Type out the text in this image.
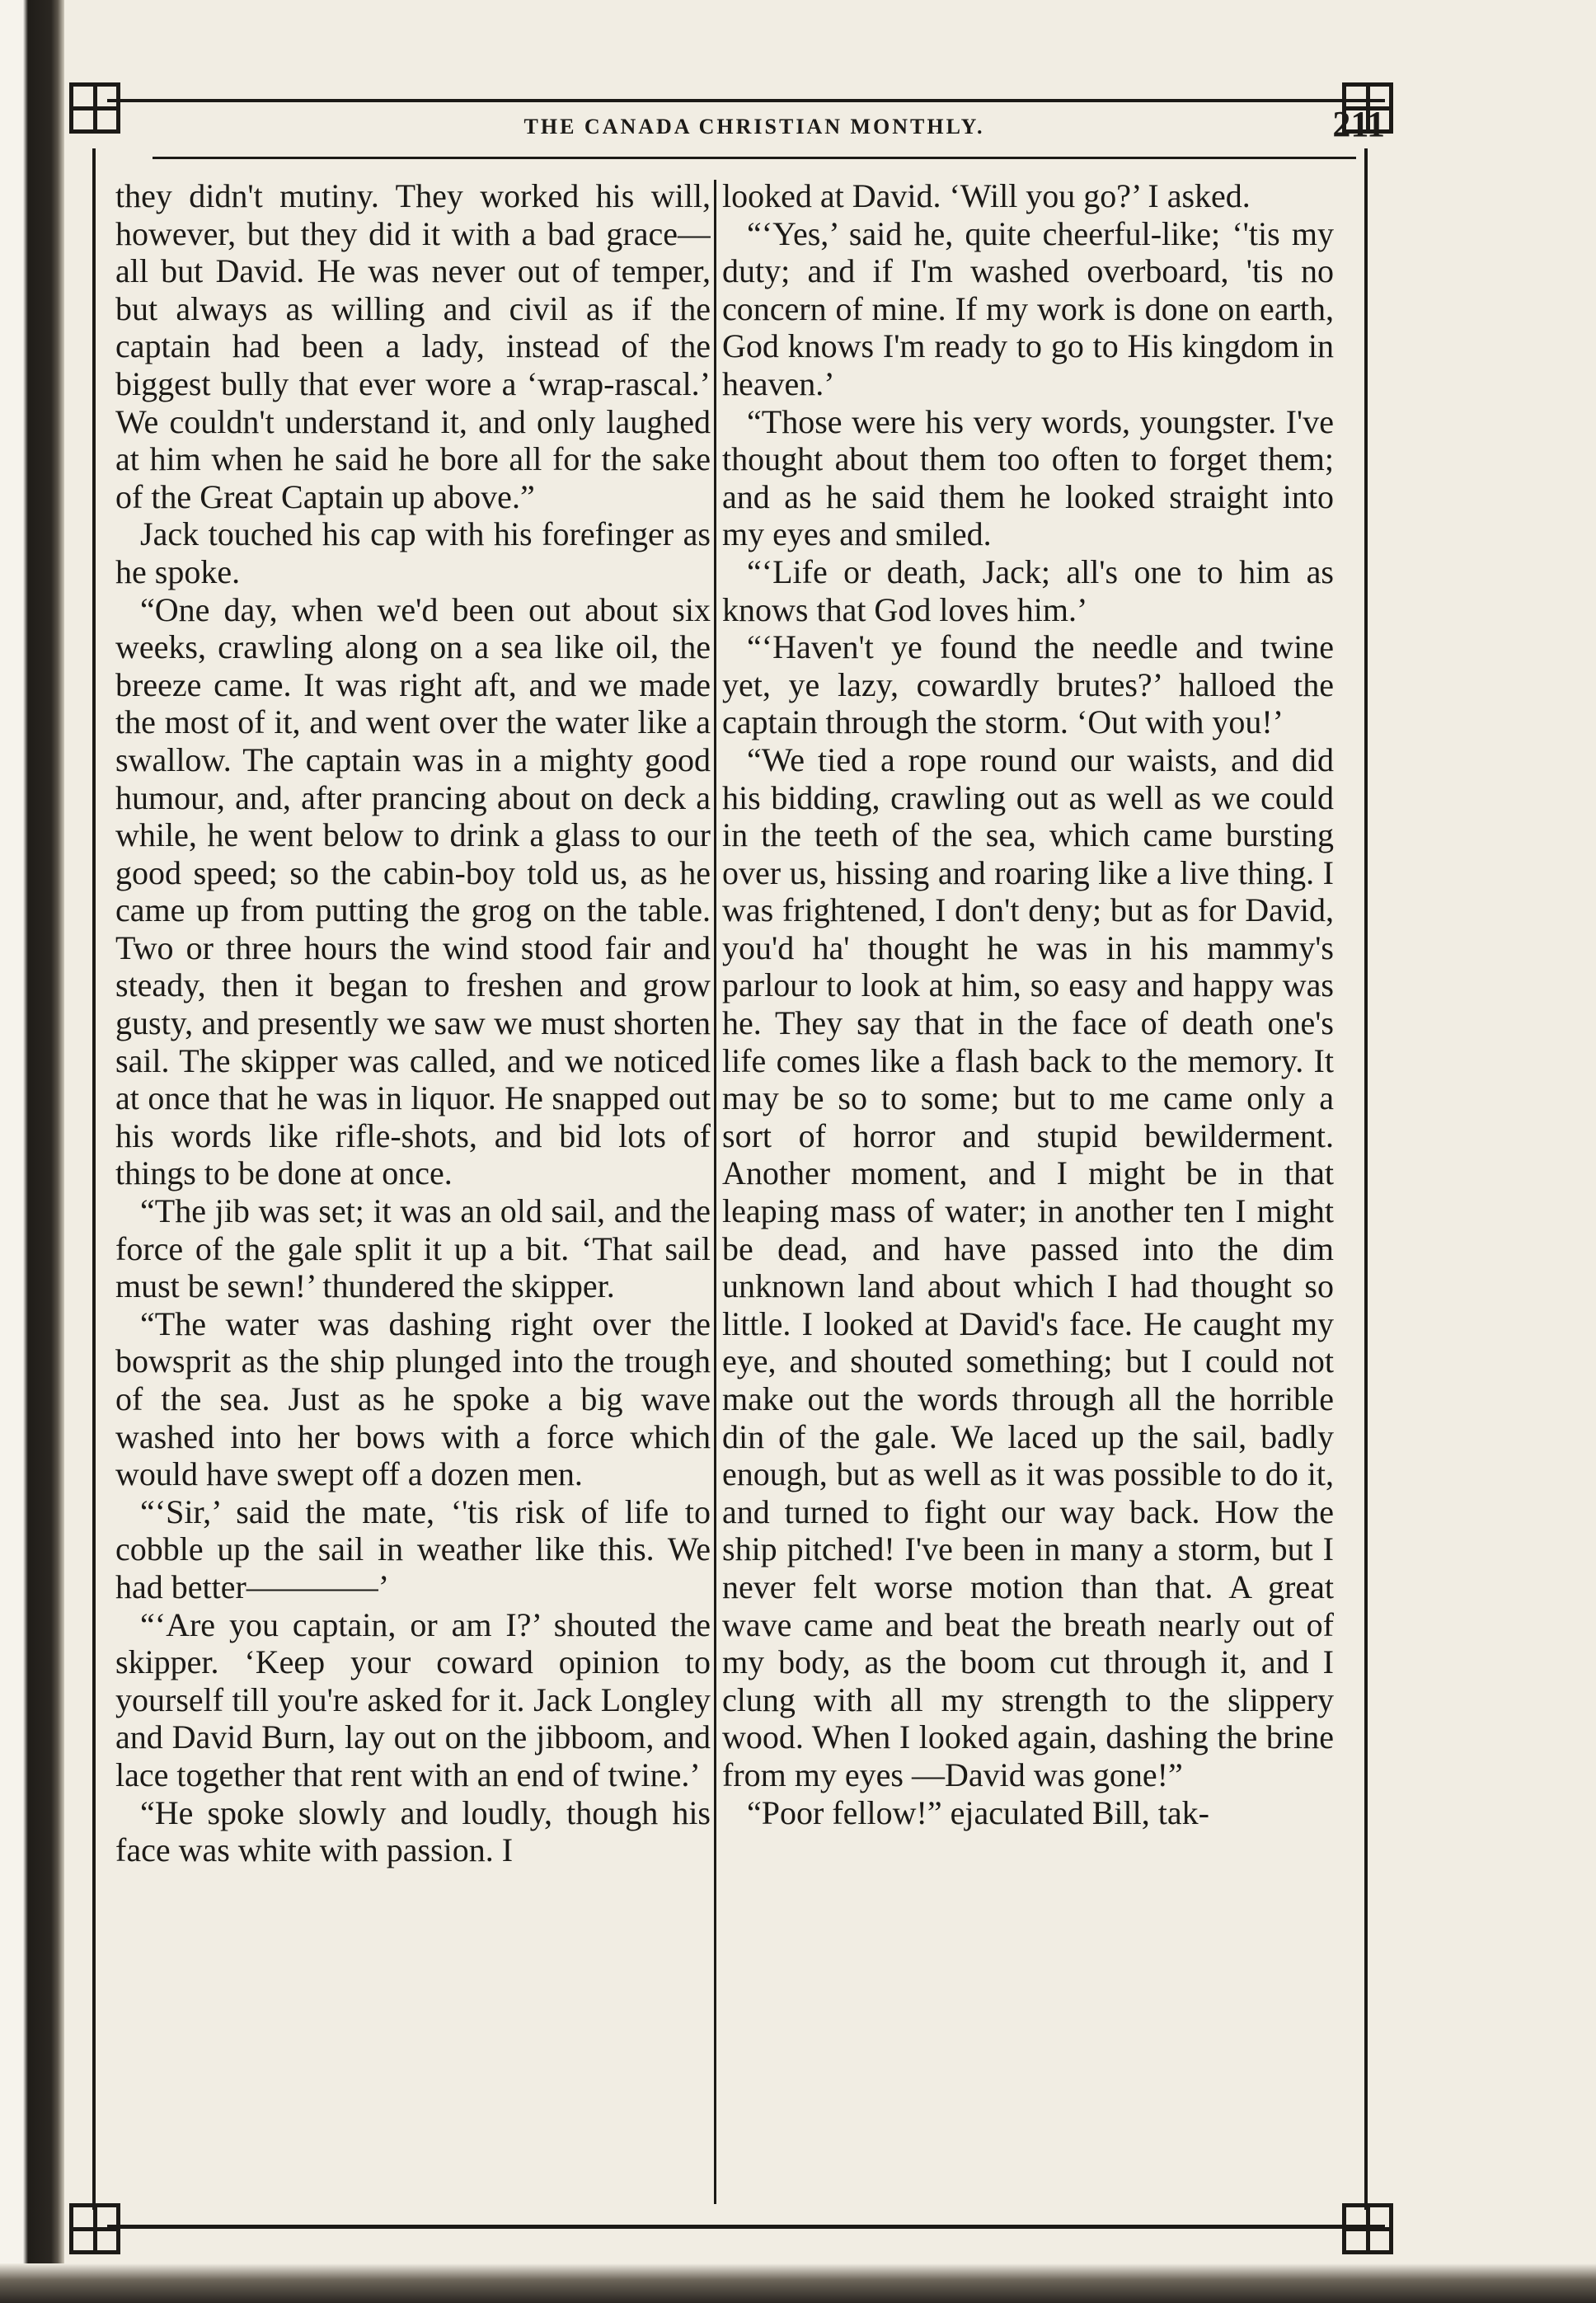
THE CANADA CHRISTIAN MONTHLY.	211

they didn't mutiny. They worked his will, however, but they did it with a bad grace—all but David. He was never out of temper, but always as willing and civil as if the captain had been a lady, instead of the biggest bully that ever wore a ‘wrap-rascal.’ We couldn't understand it, and only laughed at him when he said he bore all for the sake of the Great Captain up above.”

Jack touched his cap with his forefinger as he spoke.

“One day, when we'd been out about six weeks, crawling along on a sea like oil, the breeze came. It was right aft, and we made the most of it, and went over the water like a swallow. The captain was in a mighty good humour, and, after prancing about on deck a while, he went below to drink a glass to our good speed; so the cabin-boy told us, as he came up from putting the grog on the table. Two or three hours the wind stood fair and steady, then it began to freshen and grow gusty, and presently we saw we must shorten sail. The skipper was called, and we noticed at once that he was in liquor. He snapped out his words like rifle-shots, and bid lots of things to be done at once.

“The jib was set; it was an old sail, and the force of the gale split it up a bit. ‘That sail must be sewn!’ thundered the skipper.

“The water was dashing right over the bowsprit as the ship plunged into the trough of the sea. Just as he spoke a big wave washed into her bows with a force which would have swept off a dozen men.

“‘Sir,’ said the mate, ‘'tis risk of life to cobble up the sail in weather like this. We had better————’

“‘Are you captain, or am I?’ shouted the skipper. ‘Keep your coward opinion to yourself till you're asked for it. Jack Longley and David Burn, lay out on the jibboom, and lace together that rent with an end of twine.’

“He spoke slowly and loudly, though his face was white with passion. I

looked at David. ‘Will you go?’ I asked.

“‘Yes,’ said he, quite cheerful-like; ‘'tis my duty; and if I'm washed overboard, 'tis no concern of mine. If my work is done on earth, God knows I'm ready to go to His kingdom in heaven.’

“Those were his very words, youngster. I've thought about them too often to forget them; and as he said them he looked straight into my eyes and smiled.

“‘Life or death, Jack; all's one to him as knows that God loves him.’

“‘Haven't ye found the needle and twine yet, ye lazy, cowardly brutes?’ halloed the captain through the storm. ‘Out with you!’

“We tied a rope round our waists, and did his bidding, crawling out as well as we could in the teeth of the sea, which came bursting over us, hissing and roaring like a live thing. I was frightened, I don't deny; but as for David, you'd ha' thought he was in his mammy's parlour to look at him, so easy and happy was he. They say that in the face of death one's life comes like a flash back to the memory. It may be so to some; but to me came only a sort of horror and stupid bewilderment. Another moment, and I might be in that leaping mass of water; in another ten I might be dead, and have passed into the dim unknown land about which I had thought so little. I looked at David's face. He caught my eye, and shouted something; but I could not make out the words through all the horrible din of the gale. We laced up the sail, badly enough, but as well as it was possible to do it, and turned to fight our way back. How the ship pitched! I've been in many a storm, but I never felt worse motion than that. A great wave came and beat the breath nearly out of my body, as the boom cut through it, and I clung with all my strength to the slippery wood. When I looked again, dashing the brine from my eyes —David was gone!”

“Poor fellow!” ejaculated Bill, tak-
